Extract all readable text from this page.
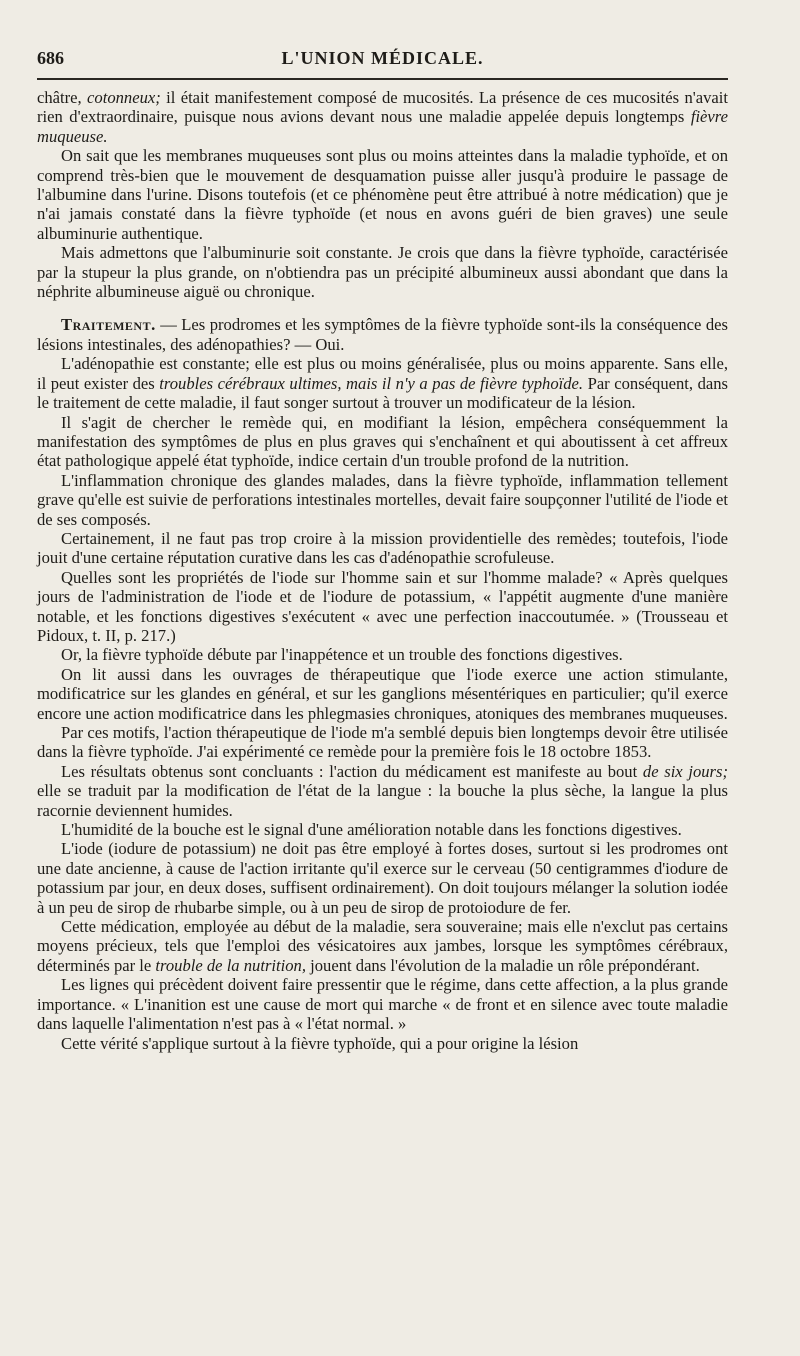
686	L'UNION MÉDICALE.

châtre, cotonneux; il était manifestement composé de mucosités. La présence de ces mucosités n'avait rien d'extraordinaire, puisque nous avions devant nous une maladie appelée depuis longtemps fièvre muqueuse.

On sait que les membranes muqueuses sont plus ou moins atteintes dans la maladie typhoïde, et on comprend très-bien que le mouvement de desquamation puisse aller jusqu'à produire le passage de l'albumine dans l'urine. Disons toutefois (et ce phénomène peut être attribué à notre médication) que je n'ai jamais constaté dans la fièvre typhoïde (et nous en avons guéri de bien graves) une seule albuminurie authentique.

Mais admettons que l'albuminurie soit constante. Je crois que dans la fièvre typhoïde, caractérisée par la stupeur la plus grande, on n'obtiendra pas un précipité albumineux aussi abondant que dans la néphrite albumineuse aiguë ou chronique.

Traitement. — Les prodromes et les symptômes de la fièvre typhoïde sont-ils la conséquence des lésions intestinales, des adénopathies? — Oui.

L'adénopathie est constante; elle est plus ou moins généralisée, plus ou moins apparente. Sans elle, il peut exister des troubles cérébraux ultimes, mais il n'y a pas de fièvre typhoïde. Par conséquent, dans le traitement de cette maladie, il faut songer surtout à trouver un modificateur de la lésion.

Il s'agit de chercher le remède qui, en modifiant la lésion, empêchera conséquemment la manifestation des symptômes de plus en plus graves qui s'enchaînent et qui aboutissent à cet affreux état pathologique appelé état typhoïde, indice certain d'un trouble profond de la nutrition.

L'inflammation chronique des glandes malades, dans la fièvre typhoïde, inflammation tellement grave qu'elle est suivie de perforations intestinales mortelles, devait faire soupçonner l'utilité de l'iode et de ses composés.

Certainement, il ne faut pas trop croire à la mission providentielle des remèdes; toutefois, l'iode jouit d'une certaine réputation curative dans les cas d'adénopathie scrofuleuse.

Quelles sont les propriétés de l'iode sur l'homme sain et sur l'homme malade? « Après quelques jours de l'administration de l'iode et de l'iodure de potassium, « l'appétit augmente d'une manière notable, et les fonctions digestives s'exécutent « avec une perfection inaccoutumée. » (Trousseau et Pidoux, t. II, p. 217.)

Or, la fièvre typhoïde débute par l'inappétence et un trouble des fonctions digestives.

On lit aussi dans les ouvrages de thérapeutique que l'iode exerce une action stimulante, modificatrice sur les glandes en général, et sur les ganglions mésentériques en particulier; qu'il exerce encore une action modificatrice dans les phlegmasies chroniques, atoniques des membranes muqueuses.

Par ces motifs, l'action thérapeutique de l'iode m'a semblé depuis bien longtemps devoir être utilisée dans la fièvre typhoïde. J'ai expérimenté ce remède pour la première fois le 18 octobre 1853.

Les résultats obtenus sont concluants : l'action du médicament est manifeste au bout de six jours; elle se traduit par la modification de l'état de la langue : la bouche la plus sèche, la langue la plus racornie deviennent humides.

L'humidité de la bouche est le signal d'une amélioration notable dans les fonctions digestives.

L'iode (iodure de potassium) ne doit pas être employé à fortes doses, surtout si les prodromes ont une date ancienne, à cause de l'action irritante qu'il exerce sur le cerveau (50 centigrammes d'iodure de potassium par jour, en deux doses, suffisent ordinairement). On doit toujours mélanger la solution iodée à un peu de sirop de rhubarbe simple, ou à un peu de sirop de protoiodure de fer.

Cette médication, employée au début de la maladie, sera souveraine; mais elle n'exclut pas certains moyens précieux, tels que l'emploi des vésicatoires aux jambes, lorsque les symptômes cérébraux, déterminés par le trouble de la nutrition, jouent dans l'évolution de la maladie un rôle prépondérant.

Les lignes qui précèdent doivent faire pressentir que le régime, dans cette affection, a la plus grande importance. « L'inanition est une cause de mort qui marche « de front et en silence avec toute maladie dans laquelle l'alimentation n'est pas à « l'état normal. »

Cette vérité s'applique surtout à la fièvre typhoïde, qui a pour origine la lésion
